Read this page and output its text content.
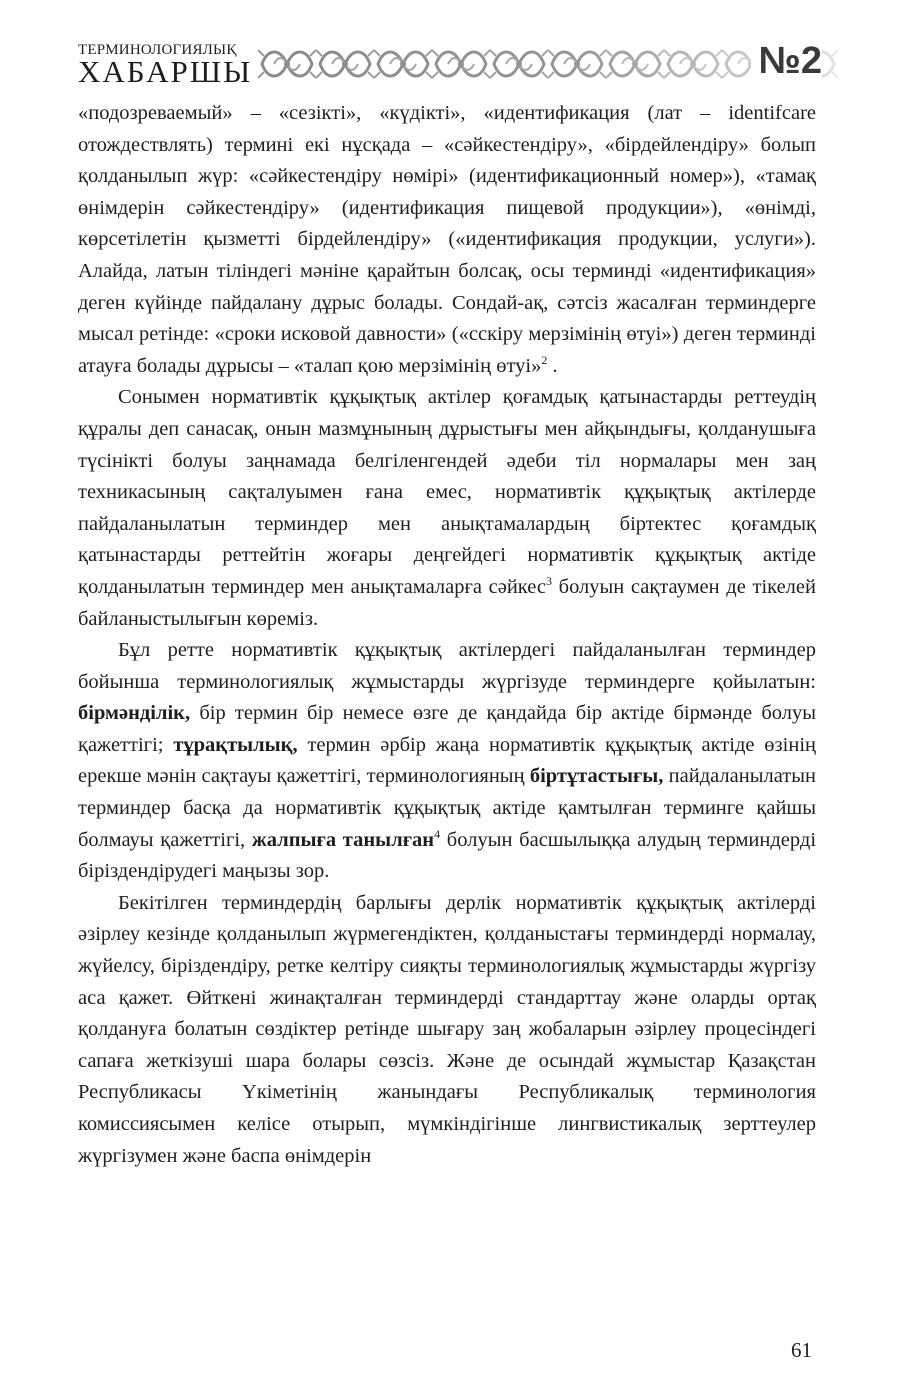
ТЕРМИНОЛОГИЯЛЫҚ
ХАБАРШЫ	№2

«подозреваемый» – «сезікті», «күдікті», «идентификация (лат – identifcare отождествлять) термині екі нұсқада – «сәйкестендіру», «бірдейлендіру» болып қолданылып жүр: «сәйкестендіру нөмірі» (идентификационный номер»), «тамақ өнімдерін сәйкестендіру» (идентификация пищевой продукции»), «өнімді, көрсетілетін қызметті бірдейлендіру» («идентификация продукции, услуги»). Алайда, латын тіліндегі мәніне қарайтын болсақ, осы терминді «идентификация» деген күйінде пайдалану дұрыс болады. Сондай-ақ, сәтсіз жасалған терминдерге мысал ретінде: «сроки исковой давности» («сскіру мерзімінің өтуі») деген терминді атауға болады дұрысы – «талап қою мерзімінің өтуі»$^2$ .

Сонымен нормативтік құқықтық актілер қоғамдық қатынастарды реттеудің құралы деп санасақ, онын мазмұнының дұрыстығы мен айқындығы, қолданушыға түсінікті болуы заңнамада белгіленгендей әдеби тіл нормалары мен заң техникасының сақталуымен ғана емес, нормативтік құқықтық актілерде пайдаланылатын терминдер мен анықтамалардың біртектес қоғамдық қатынастарды реттейтін жоғары деңгейдегі нормативтік құқықтық актіде қолданылатын терминдер мен анықтамаларға сәйкес$^3$ болуын сақтаумен де тікелей байланыстылығын көреміз.

Бұл ретте нормативтік құқықтық актілердегі пайдаланылған терминдер бойынша терминологиялық жұмыстарды жүргізуде терминдерге қойылатын: бірмәнділік, бір термин бір немесе өзге де қандайда бір актіде бірмәнде болуы қажеттігі; тұрақтылық, термин әрбір жаңа нормативтік құқықтық актіде өзінің ерекше мәнін сақтауы қажеттігі, терминологияның біртұтастығы, пайдаланылатын терминдер басқа да нормативтік құқықтық актіде қамтылған терминге қайшы болмауы қажеттігі, жалпыға танылған$^4$ болуын басшылыққа алудың терминдерді біріздендірудегі маңызы зор.

Бекітілген терминдердің барлығы дерлік нормативтік құқықтық актілерді әзірлеу кезінде қолданылып жүрмегендіктен, қолданыстағы терминдерді нормалау, жүйелсу, біріздендіру, ретке келтіру сияқты терминологиялық жұмыстарды жүргізу аса қажет. Өйткені жинақталған терминдерді стандарттау және оларды ортақ қолдануға болатын сөздіктер ретінде шығару заң жобаларын әзірлеу процесіндегі сапаға жеткізуші шара болары сөзсіз. Және де осындай жұмыстар Қазақстан Республикасы Үкіметінің жанындағы Республикалық терминология комиссиясымен келісе отырып, мүмкіндігінше лингвистикалық зерттеулер жүргізумен және баспа өнімдерін

61
